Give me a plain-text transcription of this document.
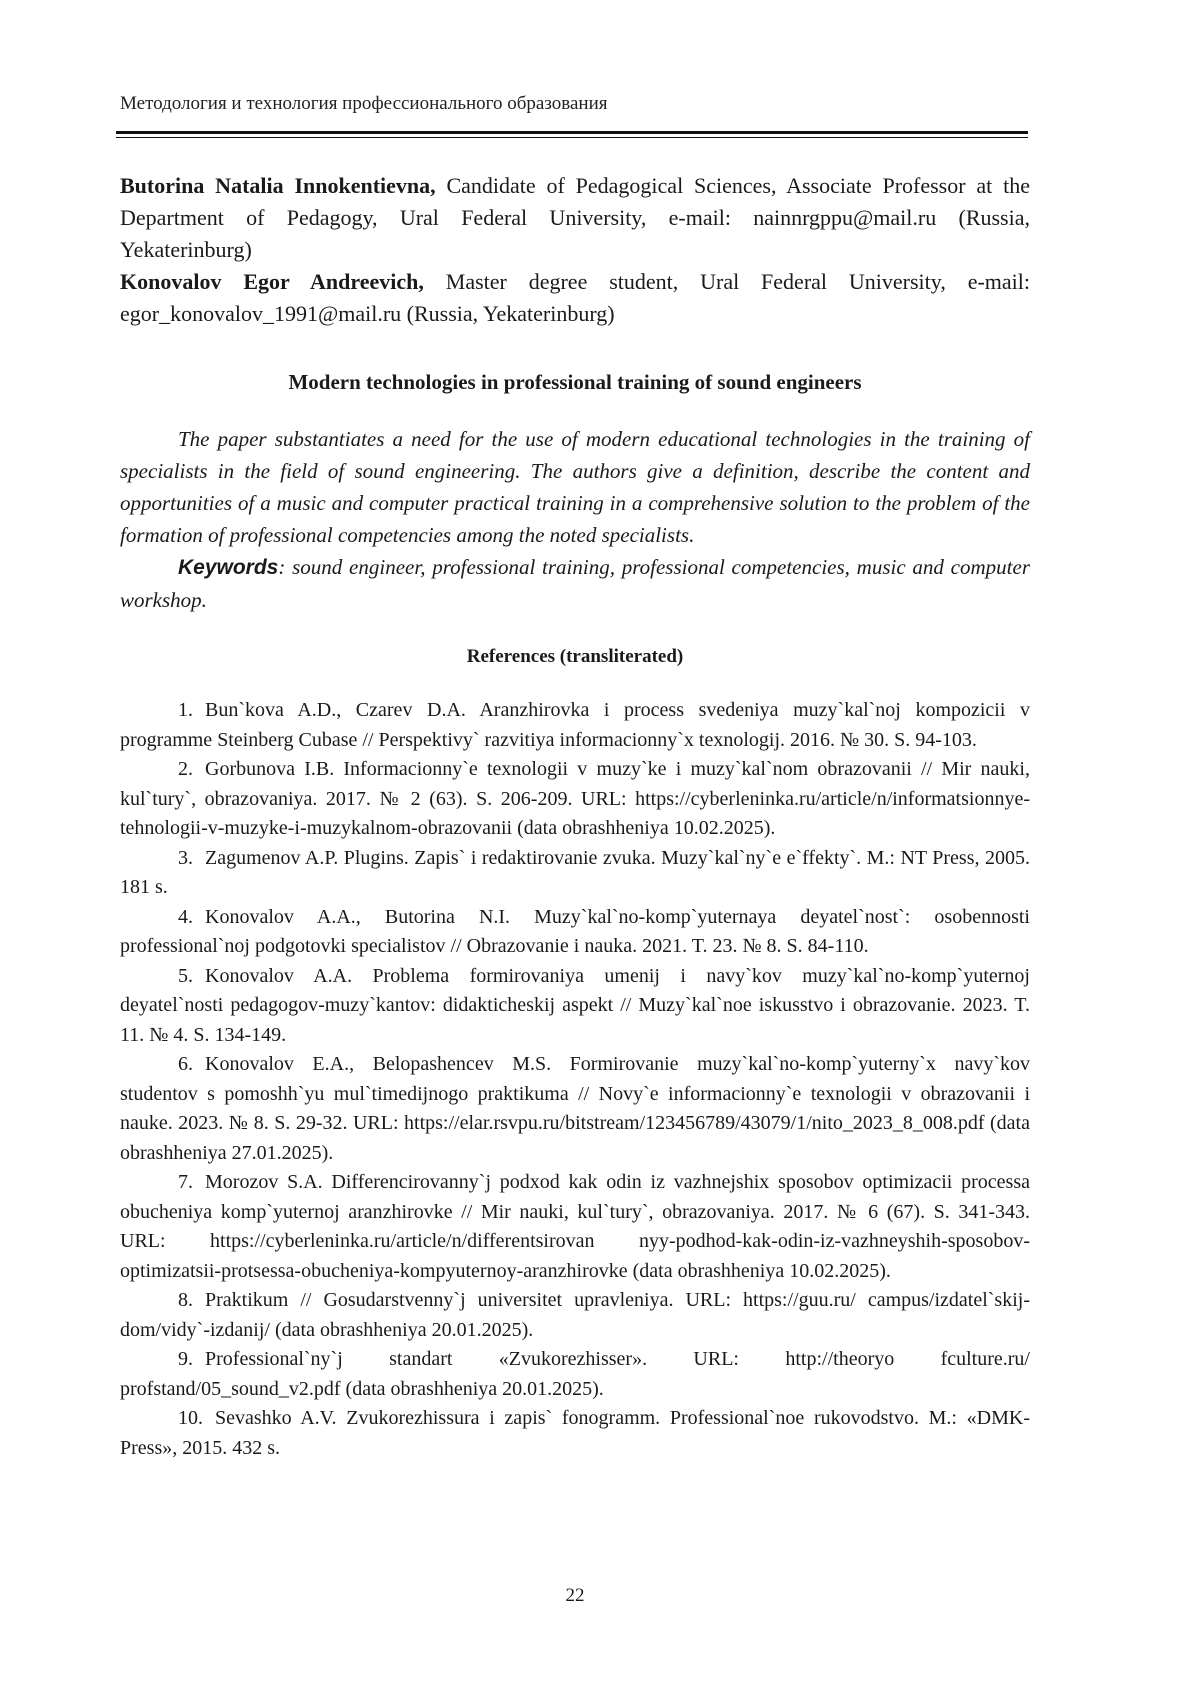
Методология и технология профессионального образования

Butorina Natalia Innokentievna, Candidate of Pedagogical Sciences, Associate Professor at the Department of Pedagogy, Ural Federal University, e-mail: nainnrgppu@mail.ru (Russia, Yekaterinburg)

Konovalov Egor Andreevich, Master degree student, Ural Federal University, e-mail: egor_konovalov_1991@mail.ru (Russia, Yekaterinburg)

Modern technologies in professional training of sound engineers

The paper substantiates a need for the use of modern educational technologies in the training of specialists in the field of sound engineering. The authors give a definition, describe the content and opportunities of a music and computer practical training in a comprehensive solution to the problem of the formation of professional competencies among the noted specialists.

Keywords: sound engineer, professional training, professional competencies, music and computer workshop.

References (transliterated)

1. Bun`kova A.D., Czarev D.A. Aranzhirovka i process svedeniya muzy`kal`noj kompozicii v programme Steinberg Cubase // Perspektivy` razvitiya informacionny`x texnologij. 2016. № 30. S. 94-103.

2. Gorbunova I.B. Informacionny`e texnologii v muzy`ke i muzy`kal`nom obrazovanii // Mir nauki, kul`tury`, obrazovaniya. 2017. № 2 (63). S. 206-209. URL: https://cyberleninka.ru/article/n/informatsionnye-tehnologii-v-muzyke-i-muzykalnom-obrazovanii (data obrashheniya 10.02.2025).

3. Zagumenov A.P. Plugins. Zapis` i redaktirovanie zvuka. Muzy`kal`ny`e e`ffekty`. M.: NT Press, 2005. 181 s.

4. Konovalov A.A., Butorina N.I. Muzy`kal`no-komp`yuternaya deyatel`nost`: osobennosti professional`noj podgotovki specialistov // Obrazovanie i nauka. 2021. T. 23. № 8. S. 84-110.

5. Konovalov A.A. Problema formirovaniya umenij i navy`kov muzy`kal`no-komp`yuternoj deyatel`nosti pedagogov-muzy`kantov: didakticheskij aspekt // Muzy`kal`noe iskusstvo i obrazovanie. 2023. T. 11. № 4. S. 134-149.

6. Konovalov E.A., Belopashencev M.S. Formirovanie muzy`kal`no-komp`yuterny`x navy`kov studentov s pomoshh`yu mul`timedijnogo praktikuma // Novy`e informacionny`e texnologii v obrazovanii i nauke. 2023. № 8. S. 29-32. URL: https://elar.rsvpu.ru/bitstream/123456789/43079/1/nito_2023_8_008.pdf (data obrashheniya 27.01.2025).

7. Morozov S.A. Differencirovanny`j podxod kak odin iz vazhnejshix sposobov optimizacii processa obucheniya komp`yuternoj aranzhirovke // Mir nauki, kul`tury`, obrazovaniya. 2017. № 6 (67). S. 341-343. URL: https://cyberleninka.ru/article/n/differentsirovan nyy-podhod-kak-odin-iz-vazhneyshih-sposobov-optimizatsii-protsessa-obucheniya-kompyuternoy-aranzhirovke (data obrashheniya 10.02.2025).

8. Praktikum // Gosudarstvenny`j universitet upravleniya. URL: https://guu.ru/ campus/izdatel`skij-dom/vidy`-izdanij/ (data obrashheniya 20.01.2025).

9. Professional`ny`j standart «Zvukorezhisser». URL: http://theoryo fculture.ru/ profstand/05_sound_v2.pdf (data obrashheniya 20.01.2025).

10. Sevashko A.V. Zvukorezhissura i zapis` fonogramm. Professional`noe rukovodstvo. M.: «DMK-Press», 2015. 432 s.

22
